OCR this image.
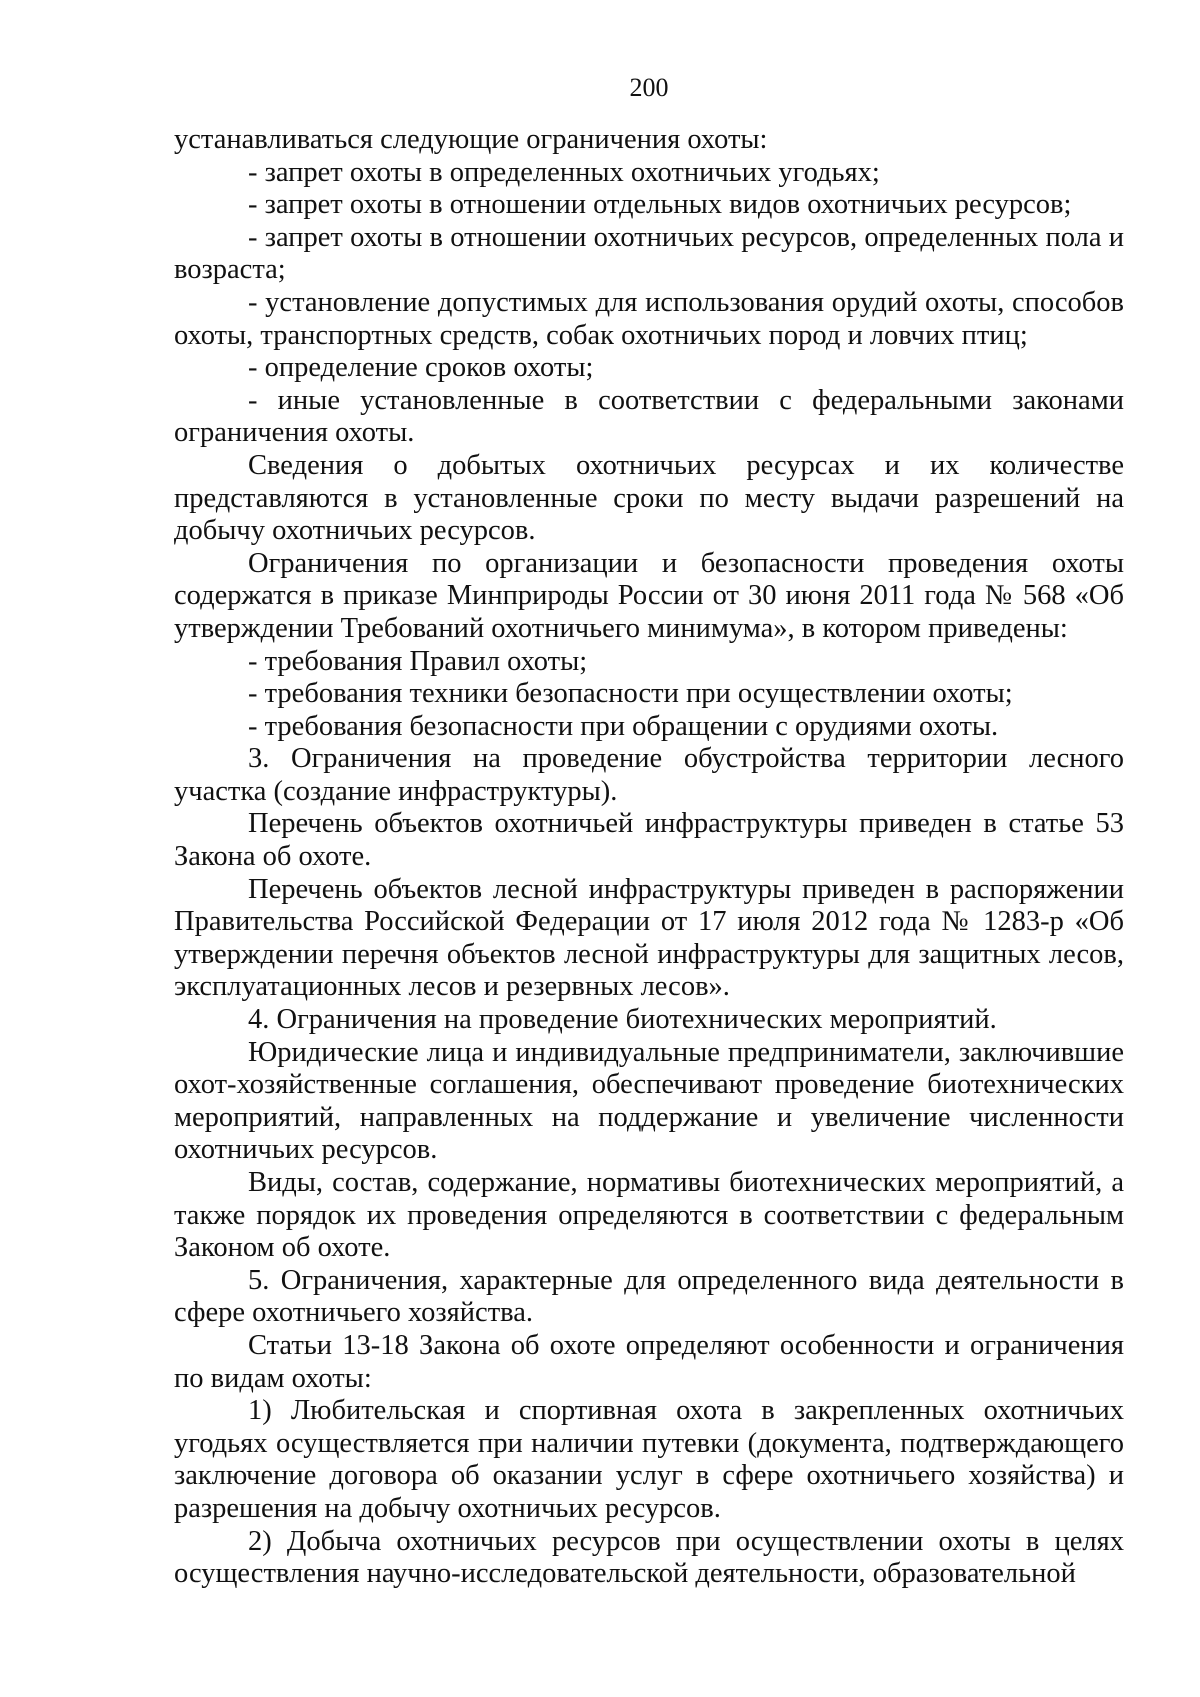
200

устанавливаться следующие ограничения охоты:

- запрет охоты в определенных охотничьих угодьях;

- запрет охоты в отношении отдельных видов охотничьих ресурсов;

- запрет охоты в отношении охотничьих ресурсов, определенных пола и возраста;

- установление допустимых для использования орудий охоты, способов охоты, транспортных средств, собак охотничьих пород и ловчих птиц;

- определение сроков охоты;

- иные установленные в соответствии с федеральными законами ограничения охоты.

Сведения о добытых охотничьих ресурсах и их количестве представляются в установленные сроки по месту выдачи разрешений на добычу охотничьих ресурсов.

Ограничения по организации и безопасности проведения охоты содержатся в приказе Минприроды России от 30 июня 2011 года № 568 «Об утверждении Требований охотничьего минимума», в котором приведены:

- требования Правил охоты;

- требования техники безопасности при осуществлении охоты;

- требования безопасности при обращении с орудиями охоты.

3. Ограничения на проведение обустройства территории лесного участка (создание инфраструктуры).

Перечень объектов охотничьей инфраструктуры приведен в статье 53 Закона об охоте.

Перечень объектов лесной инфраструктуры приведен в распоряжении Правительства Российской Федерации от 17 июля 2012 года № 1283-р «Об утверждении перечня объектов лесной инфраструктуры для защитных лесов, эксплуатационных лесов и резервных лесов».

4. Ограничения на проведение биотехнических мероприятий.

Юридические лица и индивидуальные предприниматели, заключившие охот-хозяйственные соглашения, обеспечивают проведение биотехнических мероприятий, направленных на поддержание и увеличение численности охотничьих ресурсов.

Виды, состав, содержание, нормативы биотехнических мероприятий, а также порядок их проведения определяются в соответствии с федеральным Законом об охоте.

5. Ограничения, характерные для определенного вида деятельности в сфере охотничьего хозяйства.

Статьи 13-18 Закона об охоте определяют особенности и ограничения по видам охоты:

1) Любительская и спортивная охота в закрепленных охотничьих угодьях осуществляется при наличии путевки (документа, подтверждающего заключение договора об оказании услуг в сфере охотничьего хозяйства) и разрешения на добычу охотничьих ресурсов.

2) Добыча охотничьих ресурсов при осуществлении охоты в целях осуществления научно-исследовательской деятельности, образовательной
